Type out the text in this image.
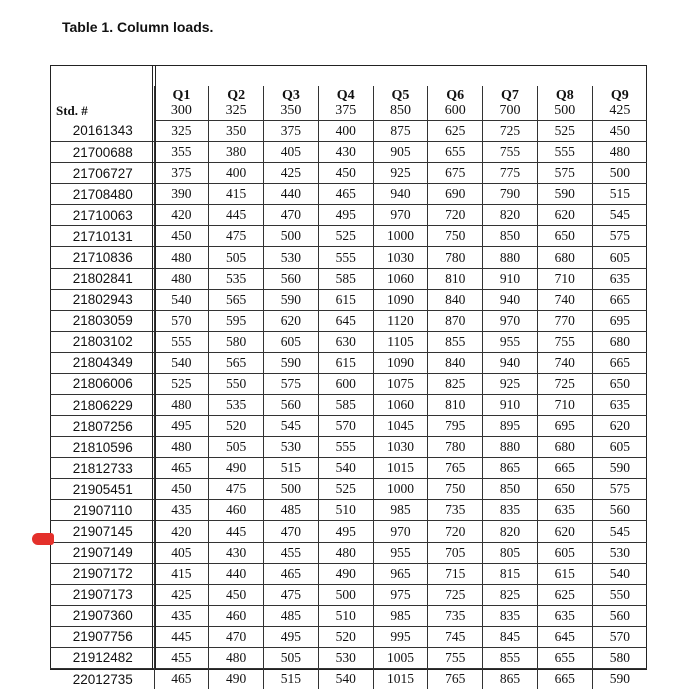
Table 1. Column loads.
Std. #	Q1	Q2	Q3	Q4	Q5	Q6	Q7	Q8	Q9
	300	325	350	375	850	600	700	500	425
20161343	325	350	375	400	875	625	725	525	450
21700688	355	380	405	430	905	655	755	555	480
21706727	375	400	425	450	925	675	775	575	500
21708480	390	415	440	465	940	690	790	590	515
21710063	420	445	470	495	970	720	820	620	545
21710131	450	475	500	525	1000	750	850	650	575
21710836	480	505	530	555	1030	780	880	680	605
21802841	480	535	560	585	1060	810	910	710	635
21802943	540	565	590	615	1090	840	940	740	665
21803059	570	595	620	645	1120	870	970	770	695
21803102	555	580	605	630	1105	855	955	755	680
21804349	540	565	590	615	1090	840	940	740	665
21806006	525	550	575	600	1075	825	925	725	650
21806229	480	535	560	585	1060	810	910	710	635
21807256	495	520	545	570	1045	795	895	695	620
21810596	480	505	530	555	1030	780	880	680	605
21812733	465	490	515	540	1015	765	865	665	590
21905451	450	475	500	525	1000	750	850	650	575
21907110	435	460	485	510	985	735	835	635	560
21907145	420	445	470	495	970	720	820	620	545
21907149	405	430	455	480	955	705	805	605	530
21907172	415	440	465	490	965	715	815	615	540
21907173	425	450	475	500	975	725	825	625	550
21907360	435	460	485	510	985	735	835	635	560
21907756	445	470	495	520	995	745	845	645	570
21912482	455	480	505	530	1005	755	855	655	580
22012735	465	490	515	540	1015	765	865	665	590
